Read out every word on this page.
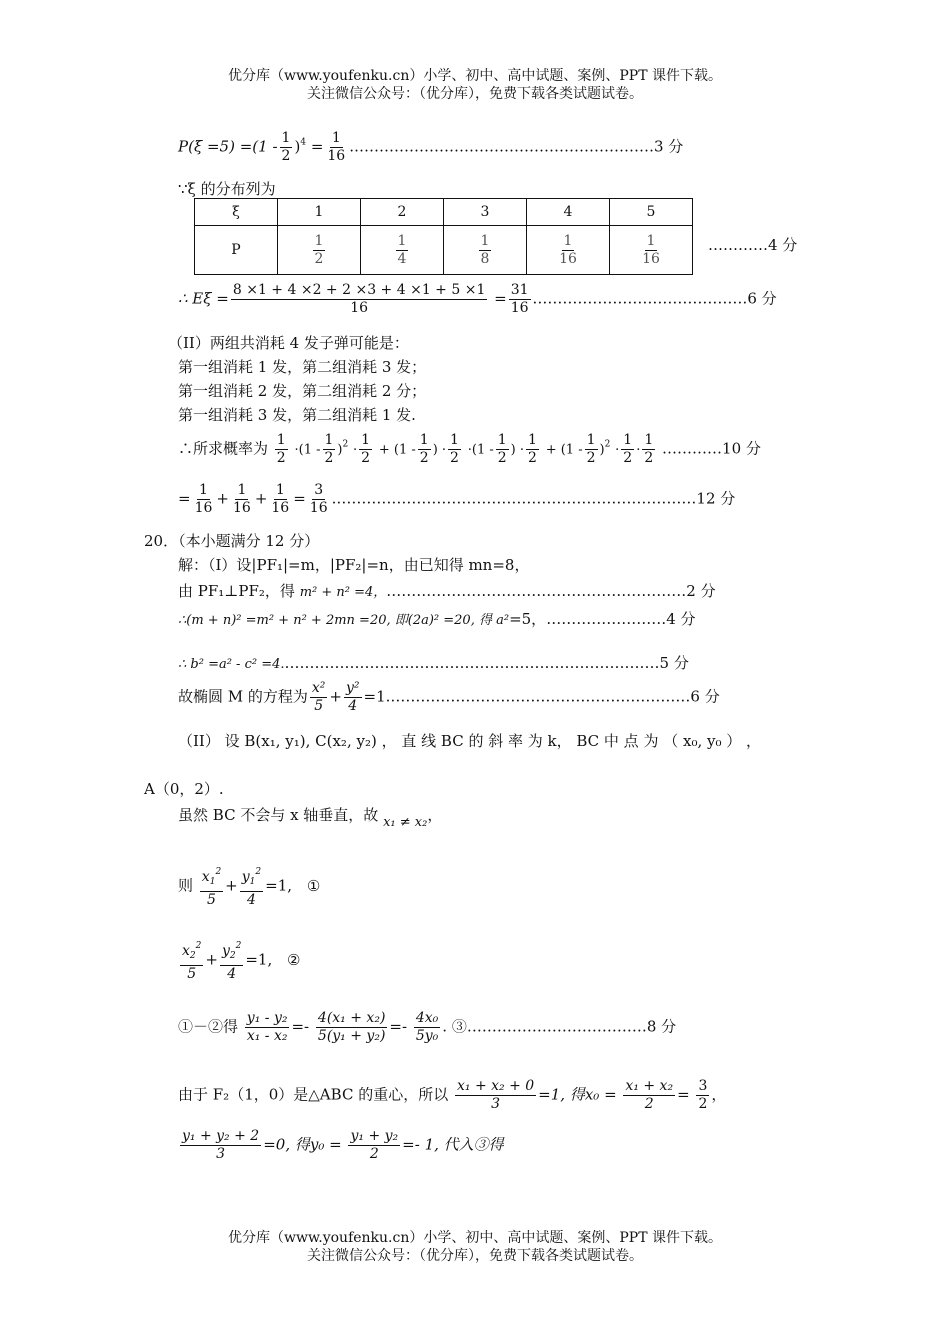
优分库（www.youfenku.cn）小学、初中、高中试题、案例、PPT 课件下载。
关注微信公众号：（优分库），免费下载各类试题试卷。
$P(\xi =5) =(1 - \frac{1}{2} )^4 = \frac{1}{16}$ .……………………………………………………3 分
∵ξ 的分布列为
ξ	1	2	3	4	5
P	$\frac{1}{2}$	$\frac{1}{4}$	$\frac{1}{8}$	$\frac{1}{16}$	$\frac{1}{16}$	…………4 分
∴ $E\xi = \frac{8 \times 1 + 4 \times 2 + 2 \times 3 + 4 \times 1 + 5 \times 1}{16} = \frac{31}{16}$ .……………………………………6 分
（II）两组共消耗 4 发子弹可能是：
第一组消耗 1 发，第二组消耗 3 发；
第一组消耗 2 发，第二组消耗 2 分；
第一组消耗 3 发，第二组消耗 1 发.
∴所求概率为 $\frac{1}{2} \cdot(1 - \frac{1}{2} )^2 \cdot \frac{1}{2} + (1 - \frac{1}{2}$ ) · $\frac{1}{2} \cdot(1 - \frac{1}{2}$ ) · $\frac{1}{2} + (1 - \frac{1}{2} )^2 \cdot \frac{1}{2} \cdot \frac{1}{2}$ …………10 分
= $\frac{1}{16} + \frac{1}{16} + \frac{1}{16} = \frac{3}{16}$ .………………………………………………………………12 分
20．（本小题满分 12 分）
解：（I）设|PF₁|=m，|PF₂|=n，由已知得 mn=8，
由 PF₁⊥PF₂，得 m² + n² =4，……………………………………………………2 分
∴(m + n)² =m² + n² + 2mn =20, 即(2a)² =20, 得 a²=5，……………………4 分
∴ b² =a² - c² =4.…………………………………………………………………5 分
故椭圆 M 的方程为 $\frac{\text{x²}}{5} + \frac{\text{y²}}{4}$ =1.……………………………………………………6 分
（II） 设 B(x₁, y₁), C(x₂, y₂) ， 直 线 BC 的 斜 率 为 k， BC 中 点 为 （ x₀, y₀ ） ，
A（0，2）.
虽然 BC 不会与 x 轴垂直，故 x₁ ≠ x₂，
则 $\frac{x_1^2}{5} + \frac{y_1^2}{4} =1$, ①
$\frac{x_2^2}{5} + \frac{y_2^2}{4} =1$, ②
①－②得 $\frac{\text{y₁ - y₂}}{\text{x₁ - x₂}} =- \frac{\text{4(x₁ + x₂)}}{\text{5(y₁ + y₂)}} =- \frac{\text{4x₀}}{\text{5y₀}}$ . ③………………………………8 分
由于 F₂（1，0）是△ABC 的重心，所以 $\frac{\text{x₁ + x₂ + 0}}{3} =1$, 得$x_0 = \frac{\text{x₁ + x₂}}{2} = \frac{3}{2}$ ，
$\frac{\text{y₁ + y₂ + 2}}{3} =0$, 得$y_0 = \frac{\text{y₁ + y₂}}{2} =- 1$, 代入③得
优分库（www.youfenku.cn）小学、初中、高中试题、案例、PPT 课件下载。
关注微信公众号：（优分库），免费下载各类试题试卷。
